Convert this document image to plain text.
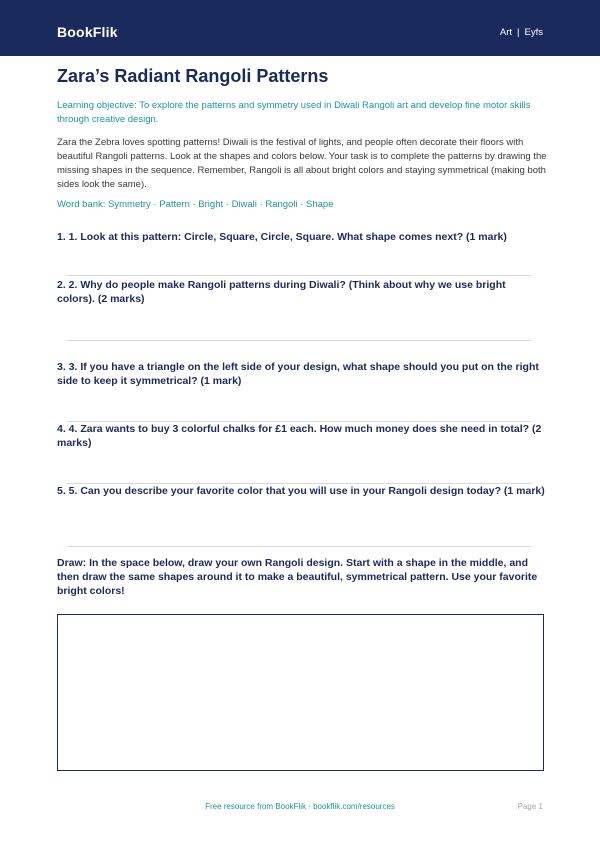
BookFlik	Art | Eyfs
Zara’s Radiant Rangoli Patterns

Learning objective: To explore the patterns and symmetry used in Diwali Rangoli art and develop fine motor skills through creative design.

Zara the Zebra loves spotting patterns! Diwali is the festival of lights, and people often decorate their floors with beautiful Rangoli patterns. Look at the shapes and colors below. Your task is to complete the patterns by drawing the missing shapes in the sequence. Remember, Rangoli is all about bright colors and staying symmetrical (making both sides look the same).

Word bank: Symmetry · Pattern · Bright · Diwali · Rangoli · Shape

1. 1. Look at this pattern: Circle, Square, Circle, Square. What shape comes next? (1 mark)

2. 2. Why do people make Rangoli patterns during Diwali? (Think about why we use bright colors). (2 marks)

3. 3. If you have a triangle on the left side of your design, what shape should you put on the right side to keep it symmetrical? (1 mark)

4. 4. Zara wants to buy 3 colorful chalks for £1 each. How much money does she need in total? (2 marks)

5. 5. Can you describe your favorite color that you will use in your Rangoli design today? (1 mark)

Draw: In the space below, draw your own Rangoli design. Start with a shape in the middle, and then draw the same shapes around it to make a beautiful, symmetrical pattern. Use your favorite bright colors!

Free resource from BookFlik · bookflik.com/resources	Page 1
